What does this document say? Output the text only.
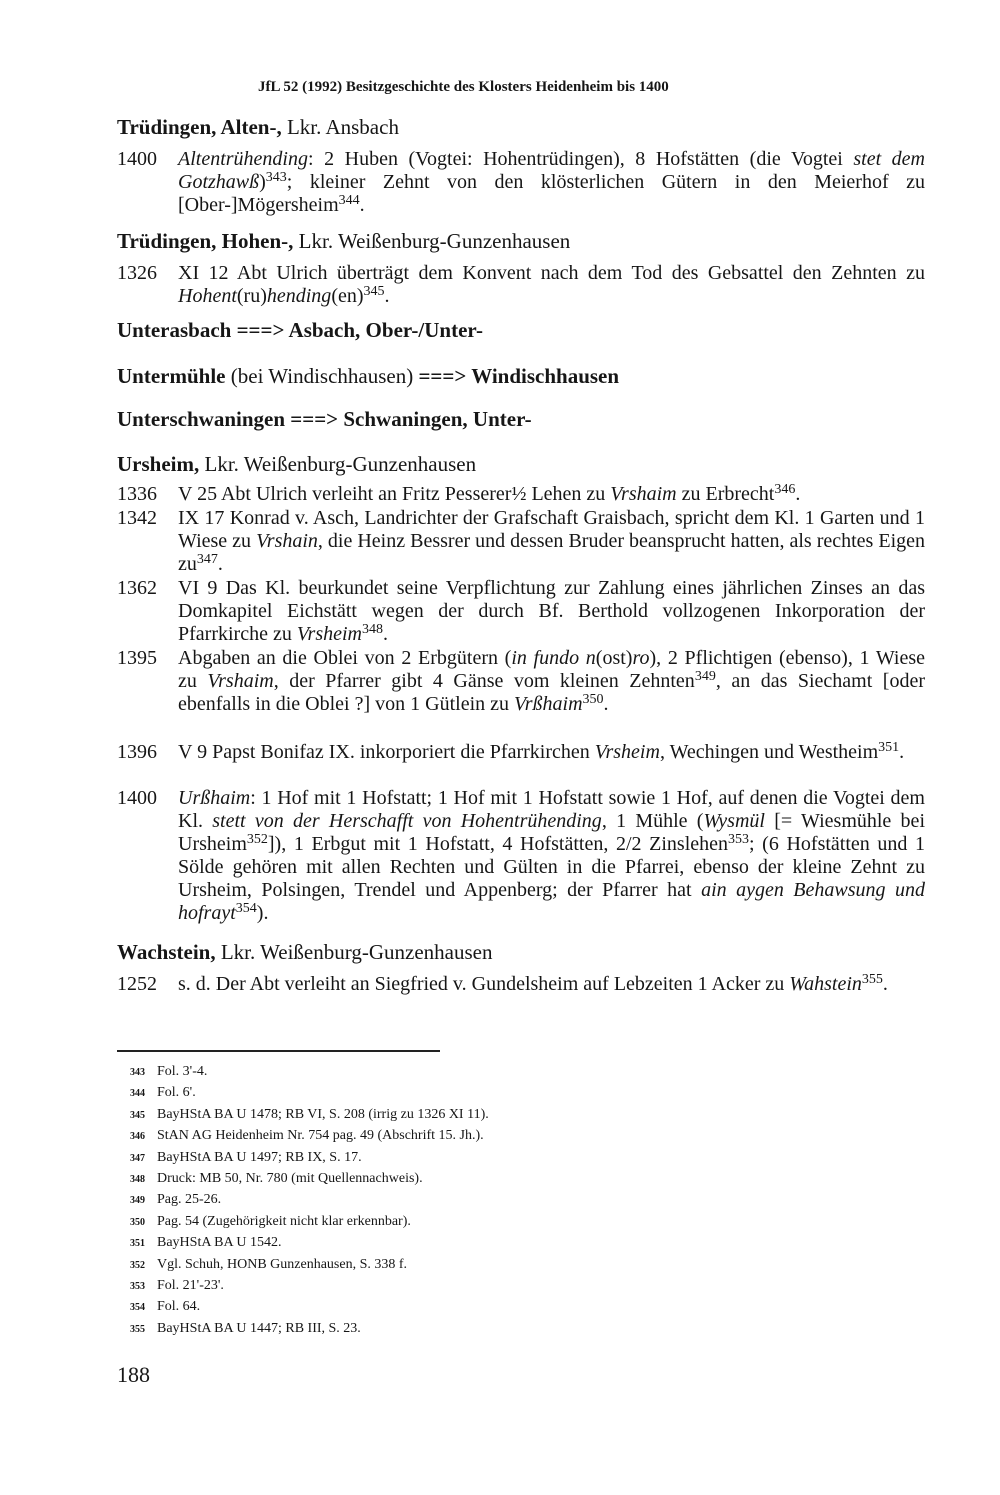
JfL 52 (1992) Besitzgeschichte des Klosters Heidenheim bis 1400
Trüdingen, Alten-, Lkr. Ansbach
1400 Altentrühending: 2 Huben (Vogtei: Hohentrüdingen), 8 Hofstätten (die Vogtei stet dem Gotzhawß)$^{343}$; kleiner Zehnt von den klösterlichen Gütern in den Meierhof zu [Ober-]Mögersheim$^{344}$.
Trüdingen, Hohen-, Lkr. Weißenburg-Gunzenhausen
1326 XI 12 Abt Ulrich überträgt dem Konvent nach dem Tod des Gebsattel den Zehnten zu Hohent(ru)hending(en)$^{345}$.
Unterasbach ===> Asbach, Ober-/Unter-
Untermühle (bei Windischhausen) ===> Windischhausen
Unterschwaningen ===> Schwaningen, Unter-
Ursheim, Lkr. Weißenburg-Gunzenhausen
1336 V 25 Abt Ulrich verleiht an Fritz Pesserer½ Lehen zu Vrshaim zu Erbrecht$^{346}$.
1342 IX 17 Konrad v. Asch, Landrichter der Grafschaft Graisbach, spricht dem Kl. 1 Garten und 1 Wiese zu Vrshain, die Heinz Bessrer und dessen Bruder beansprucht hatten, als rechtes Eigen $zu^{347}$.
1362 VI 9 Das Kl. beurkundet seine Verpflichtung zur Zahlung eines jährlichen Zinses an das Domkapitel Eichstätt wegen der durch Bf. Berthold vollzogenen Inkorporation der Pfarrkirche zu Vrsheim$^{348}$.
1395 Abgaben an die Oblei von 2 Erbgütern (in fundo n(ost)ro), 2 Pflichtigen (ebenso), 1 Wiese zu Vrshaim, der Pfarrer gibt 4 Gänse vom kleinen Zehnten$^{349}$, an das Siechamt [oder ebenfalls in die Oblei ?] von 1 Gütlein zu Vrßhaim$^{350}$.
1396 V 9 Papst Bonifaz IX. inkorporiert die Pfarrkirchen Vrsheim, Wechingen und Westheim$^{351}$.
1400 Urßhaim: 1 Hof mit 1 Hofstatt; 1 Hof mit 1 Hofstatt sowie 1 Hof, auf denen die Vogtei dem Kl. stett von der Herschafft von Hohentrühending, 1 Mühle (Wysmül [= Wiesmühle bei Ursheim$^{352}$]), 1 Erbgut mit 1 Hofstatt, 4 Hofstätten, 2/2 Zinslehen$^{353}$; (6 Hofstätten und 1 Sölde gehören mit allen Rechten und Gülten in die Pfarrei, ebenso der kleine Zehnt zu Ursheim, Polsingen, Trendel und Appenberg; der Pfarrer hat ain aygen Behawsung und hofrayt$^{354}$).
Wachstein, Lkr. Weißenburg-Gunzenhausen
1252 s. d. Der Abt verleiht an Siegfried v. Gundelsheim auf Lebzeiten 1 Acker zu Wahstein$^{355}$.
343 Fol. 3'-4.
344 Fol. 6'.
345 BayHStA BA U 1478; RB VI, S. 208 (irrig zu 1326 XI 11).
346 StAN AG Heidenheim Nr. 754 pag. 49 (Abschrift 15. Jh.).
347 BayHStA BA U 1497; RB IX, S. 17.
348 Druck: MB 50, Nr. 780 (mit Quellennachweis).
349 Pag. 25-26.
350 Pag. 54 (Zugehörigkeit nicht klar erkennbar).
351 BayHStA BA U 1542.
352 Vgl. Schuh, HONB Gunzenhausen, S. 338 f.
353 Fol. 21'-23'.
354 Fol. 64.
355 BayHStA BA U 1447; RB III, S. 23.
188
